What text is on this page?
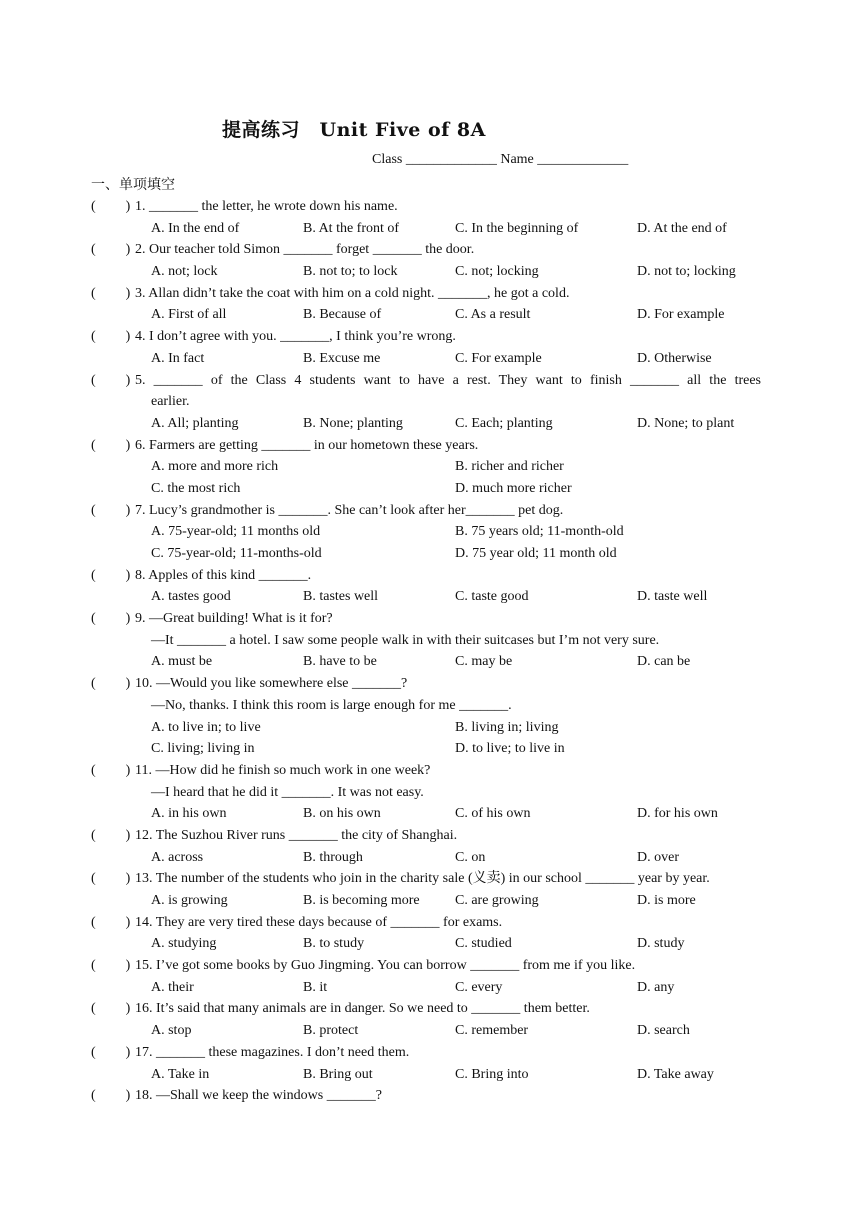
提高练习　Unit Five of 8A
Class _____________ Name _____________
一、单项填空
( ) 1. _______ the letter, he wrote down his name.
A. In the end of	B. At the front of	C. In the beginning of	D. At the end of
( ) 2. Our teacher told Simon _______ forget _______ the door.
A. not; lock	B. not to; to lock	C. not; locking	D. not to; locking
( ) 3. Allan didn’t take the coat with him on a cold night. _______, he got a cold.
A. First of all	B. Because of	C. As a result	D. For example
( ) 4. I don’t agree with you. _______, I think you’re wrong.
A. In fact	B. Excuse me	C. For example	D. Otherwise
( ) 5. _______ of the Class 4 students want to have a rest. They want to finish _______ all the trees
earlier.
A. All; planting	B. None; planting	C. Each; planting	D. None; to plant
( ) 6. Farmers are getting _______ in our hometown these years.
A. more and more rich	B. richer and richer
C. the most rich	D. much more richer
( ) 7. Lucy’s grandmother is _______. She can’t look after her_______ pet dog.
A. 75-year-old; 11 months old	B. 75 years old; 11-month-old
C. 75-year-old; 11-months-old	D. 75 year old; 11 month old
( ) 8. Apples of this kind _______.
A. tastes good	B. tastes well	C. taste good	D. taste well
( ) 9. —Great building! What is it for?
—It _______ a hotel. I saw some people walk in with their suitcases but I’m not very sure.
A. must be	B. have to be	C. may be	D. can be
( ) 10. —Would you like somewhere else _______?
—No, thanks. I think this room is large enough for me _______.
A. to live in; to live	B. living in; living
C. living; living in	D. to live; to live in
( ) 11. —How did he finish so much work in one week?
—I heard that he did it _______. It was not easy.
A. in his own	B. on his own	C. of his own	D. for his own
( ) 12. The Suzhou River runs _______ the city of Shanghai.
A. across	B. through	C. on	D. over
( ) 13. The number of the students who join in the charity sale (义卖) in our school _______ year by year.
A. is growing	B. is becoming more	C. are growing	D. is more
( ) 14. They are very tired these days because of _______ for exams.
A. studying	B. to study	C. studied	D. study
( ) 15. I’ve got some books by Guo Jingming. You can borrow _______ from me if you like.
A. their	B. it	C. every	D. any
( ) 16. It’s said that many animals are in danger. So we need to _______ them better.
A. stop	B. protect	C. remember	D. search
( ) 17. _______ these magazines. I don’t need them.
A. Take in	B. Bring out	C. Bring into	D. Take away
( ) 18. —Shall we keep the windows _______?
